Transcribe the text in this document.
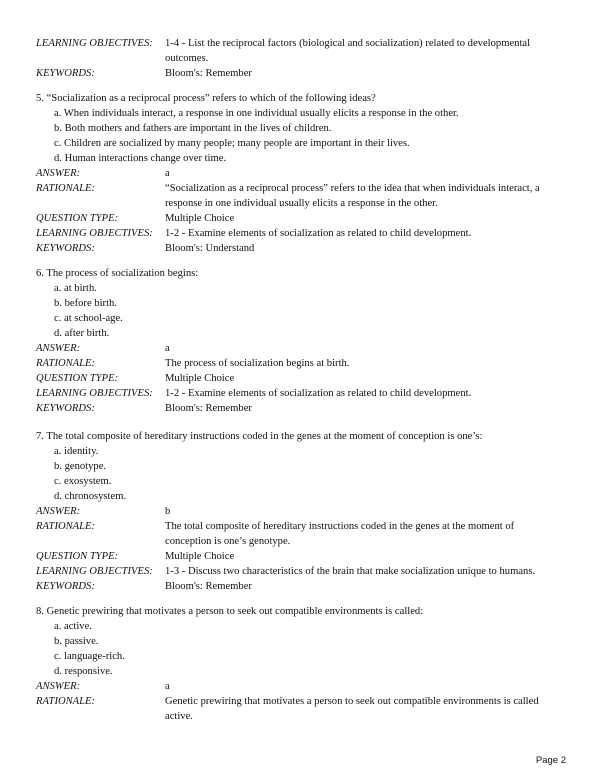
LEARNING OBJECTIVES:	1-4 - List the reciprocal factors (biological and socialization) related to developmental
outcomes.
KEYWORDS:	Bloom's: Remember
5. “Socialization as a reciprocal process” refers to which of the following ideas?
a. When individuals interact, a response in one individual usually elicits a response in the other.
b. Both mothers and fathers are important in the lives of children.
c. Children are socialized by many people; many people are important in their lives.
d. Human interactions change over time.
ANSWER:	a
RATIONALE:	“Socialization as a reciprocal process” refers to the idea that when individuals interact, a
response in one individual usually elicits a response in the other.
QUESTION TYPE:	Multiple Choice
LEARNING OBJECTIVES:	1-2 - Examine elements of socialization as related to child development.
KEYWORDS:	Bloom's: Understand
6. The process of socialization begins:
a. at birth.
b. before birth.
c. at school-age.
d. after birth.
ANSWER:	a
RATIONALE:	The process of socialization begins at birth.
QUESTION TYPE:	Multiple Choice
LEARNING OBJECTIVES:	1-2 - Examine elements of socialization as related to child development.
KEYWORDS:	Bloom's: Remember
7. The total composite of hereditary instructions coded in the genes at the moment of conception is one’s:
a. identity.
b. genotype.
c. exosystem.
d. chronosystem.
ANSWER:	b
RATIONALE:	The total composite of hereditary instructions coded in the genes at the moment of
conception is one’s genotype.
QUESTION TYPE:	Multiple Choice
LEARNING OBJECTIVES:	1-3 - Discuss two characteristics of the brain that make socialization unique to humans.
KEYWORDS:	Bloom's: Remember
8. Genetic prewiring that motivates a person to seek out compatible environments is called:
a. active.
b. passive.
c. language-rich.
d. responsive.
ANSWER:	a
RATIONALE:	Genetic prewiring that motivates a person to seek out compatible environments is called
active.
Page 2
